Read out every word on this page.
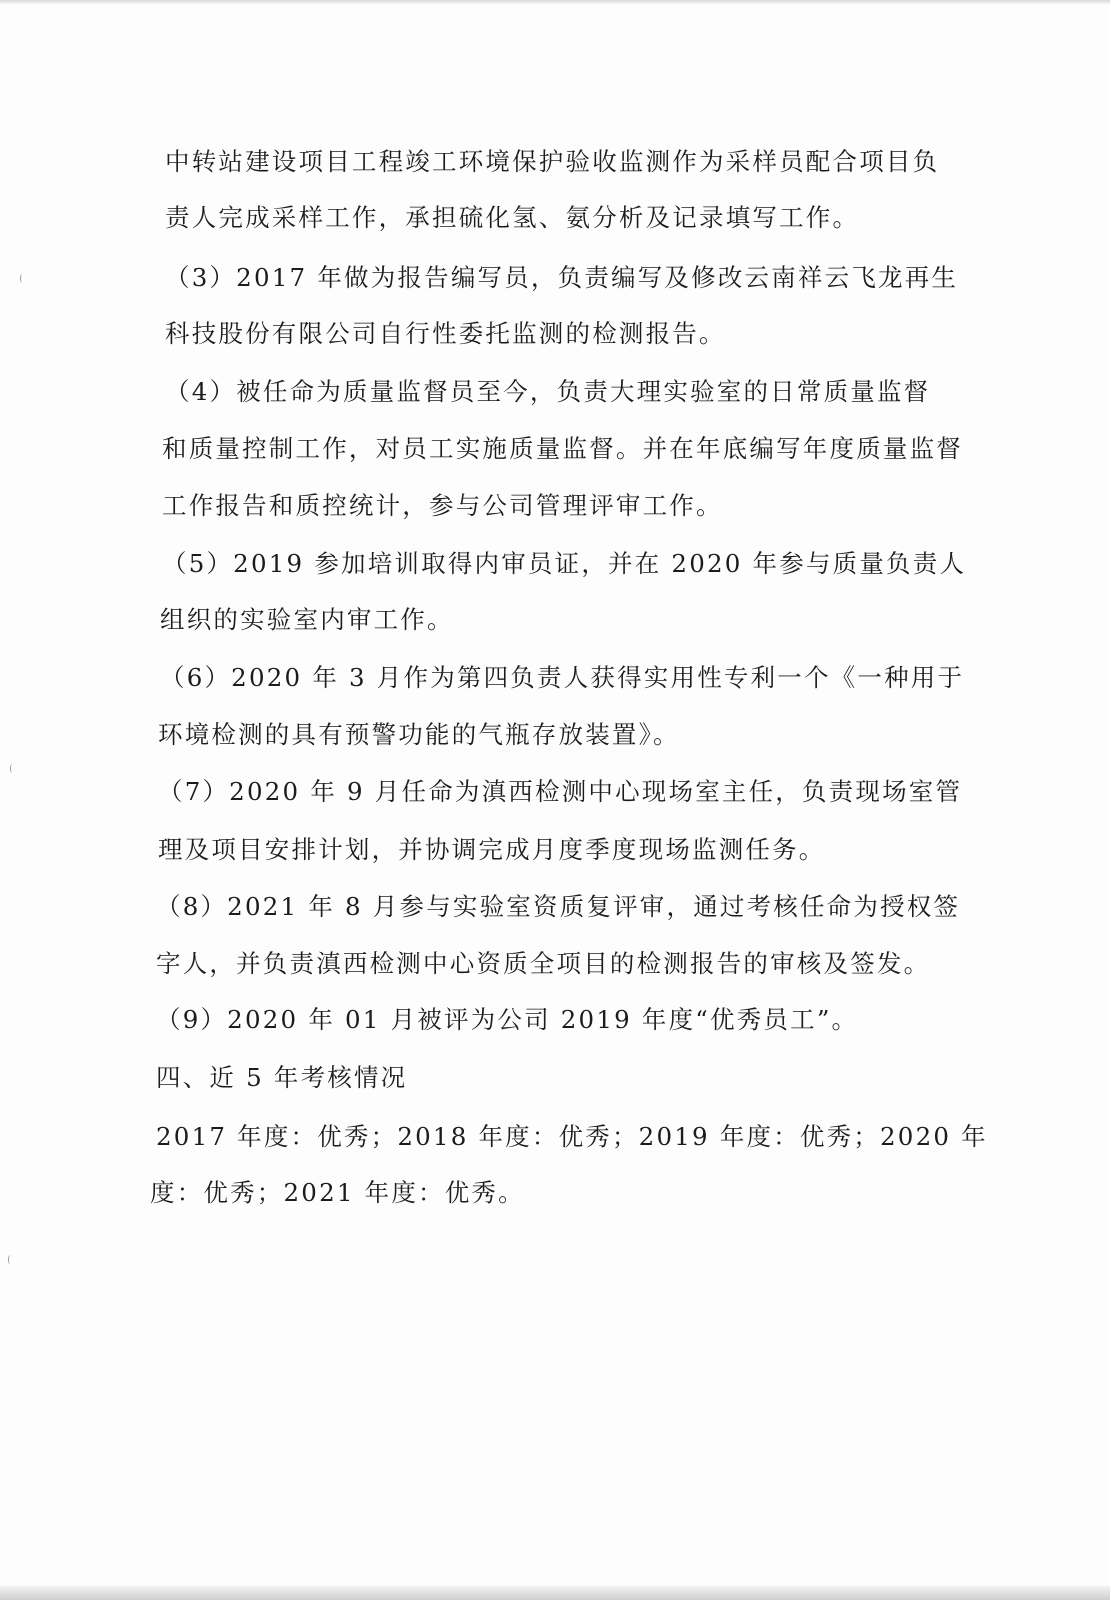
中转站建设项目工程竣工环境保护验收监测作为采样员配合项目负
责人完成采样工作，承担硫化氢、氨分析及记录填写工作。
（3）2017 年做为报告编写员，负责编写及修改云南祥云飞龙再生
科技股份有限公司自行性委托监测的检测报告。
（4）被任命为质量监督员至今，负责大理实验室的日常质量监督
和质量控制工作，对员工实施质量监督。并在年底编写年度质量监督
工作报告和质控统计，参与公司管理评审工作。
（5）2019 参加培训取得内审员证，并在 2020 年参与质量负责人
组织的实验室内审工作。
（6）2020 年 3 月作为第四负责人获得实用性专利一个《一种用于
环境检测的具有预警功能的气瓶存放装置》。
（7）2020 年 9 月任命为滇西检测中心现场室主任，负责现场室管
理及项目安排计划，并协调完成月度季度现场监测任务。
（8）2021 年 8 月参与实验室资质复评审，通过考核任命为授权签
字人，并负责滇西检测中心资质全项目的检测报告的审核及签发。
（9）2020 年 01 月被评为公司 2019 年度“优秀员工”。
四、近 5 年考核情况
2017 年度：优秀；2018 年度：优秀；2019 年度：优秀；2020 年
度：优秀；2021 年度：优秀。
